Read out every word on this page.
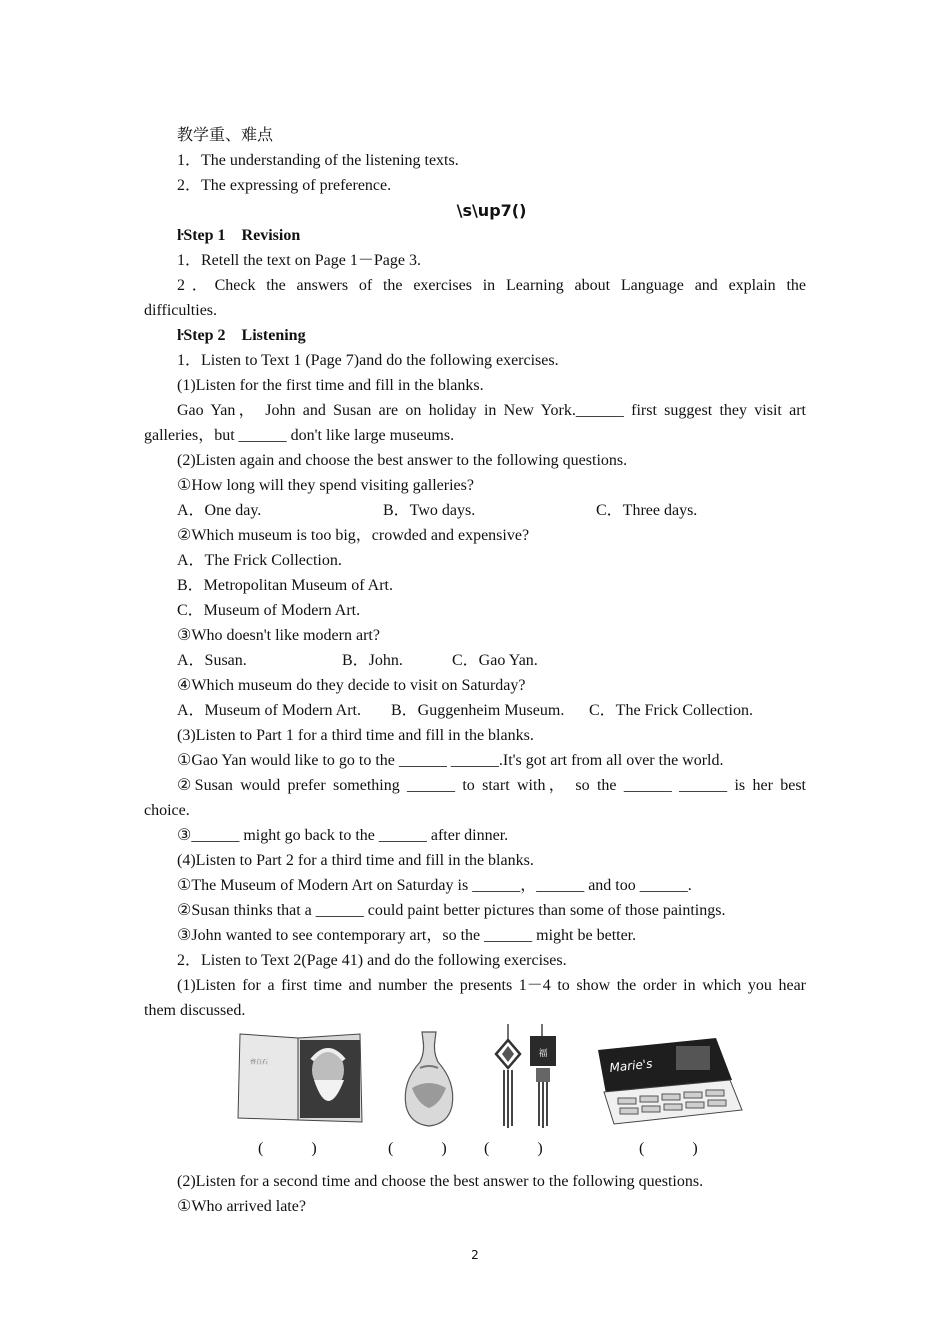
教学重、难点
1．The understanding of the listening texts.
2．The expressing of preference.
\s\up7()
ŀStep 1　Revision
1．Retell the text on Page 1－Page 3.
2．Check the answers of the exercises in Learning about Language and explain the
difficulties.
ŀStep 2　Listening
1．Listen to Text 1 (Page 7)and do the following exercises.
(1)Listen for the first time and fill in the blanks.
Gao Yan， John and Susan are on holiday in New York.______ first suggest they visit art
galleries，but ______ don't like large museums.
(2)Listen again and choose the best answer to the following questions.
①How long will they spend visiting galleries?
A．One day.	B．Two days.	C．Three days.
②Which museum is too big，crowded and expensive?
A．The Frick Collection.
B．Metropolitan Museum of Art.
C．Museum of Modern Art.
③Who doesn't like modern art?
A．Susan.	B．John.	C．Gao Yan.
④Which museum do they decide to visit on Saturday?
A．Museum of Modern Art. B．Guggenheim Museum. C．The Frick Collection.
(3)Listen to Part 1 for a third time and fill in the blanks.
①Gao Yan would like to go to the ______ ______.It's got art from all over the world.
②Susan would prefer something ______ to start with， so the ______ ______ is her best
choice.
③______ might go back to the ______ after dinner.
(4)Listen to Part 2 for a third time and fill in the blanks.
①The Museum of Modern Art on Saturday is ______，______ and too ______.
②Susan thinks that a ______ could paint better pictures than some of those paintings.
③John wanted to see contemporary art，so the ______ might be better.
2．Listen to Text 2(Page 41) and do the following exercises.
(1)Listen for a first time and number the presents 1－4 to show the order in which you hear
them discussed.
齊白石
(　　　)	(　　　)
福
(　　　)
Marie's
(　　　)
(2)Listen for a second time and choose the best answer to the following questions.
①Who arrived late?
2
